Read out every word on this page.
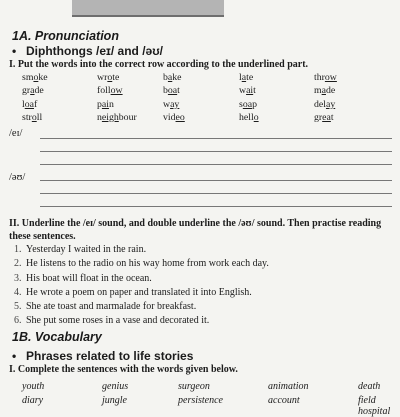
1A. Pronunciation
• Diphthongs /eɪ/ and /əʊ/
I. Put the words into the correct row according to the underlined part.
smoke	wrote	bake	late	throw
grade	follow	boat	wait	made
loaf	pain	way	soap	delay
stroll	neighbour	video	hello	great
/eɪ/
/əʊ/
II. Underline the /eɪ/ sound, and double underline the /əʊ/ sound. Then practise reading these sentences.
1. Yesterday I waited in the rain.
2. He listens to the radio on his way home from work each day.
3. His boat will float in the ocean.
4. He wrote a poem on paper and translated it into English.
5. She ate toast and marmalade for breakfast.
6. She put some roses in a vase and decorated it.
1B. Vocabulary
• Phrases related to life stories
I. Complete the sentences with the words given below.
youth	genius	surgeon	animation	death
diary	jungle	persistence	account	field hospital
